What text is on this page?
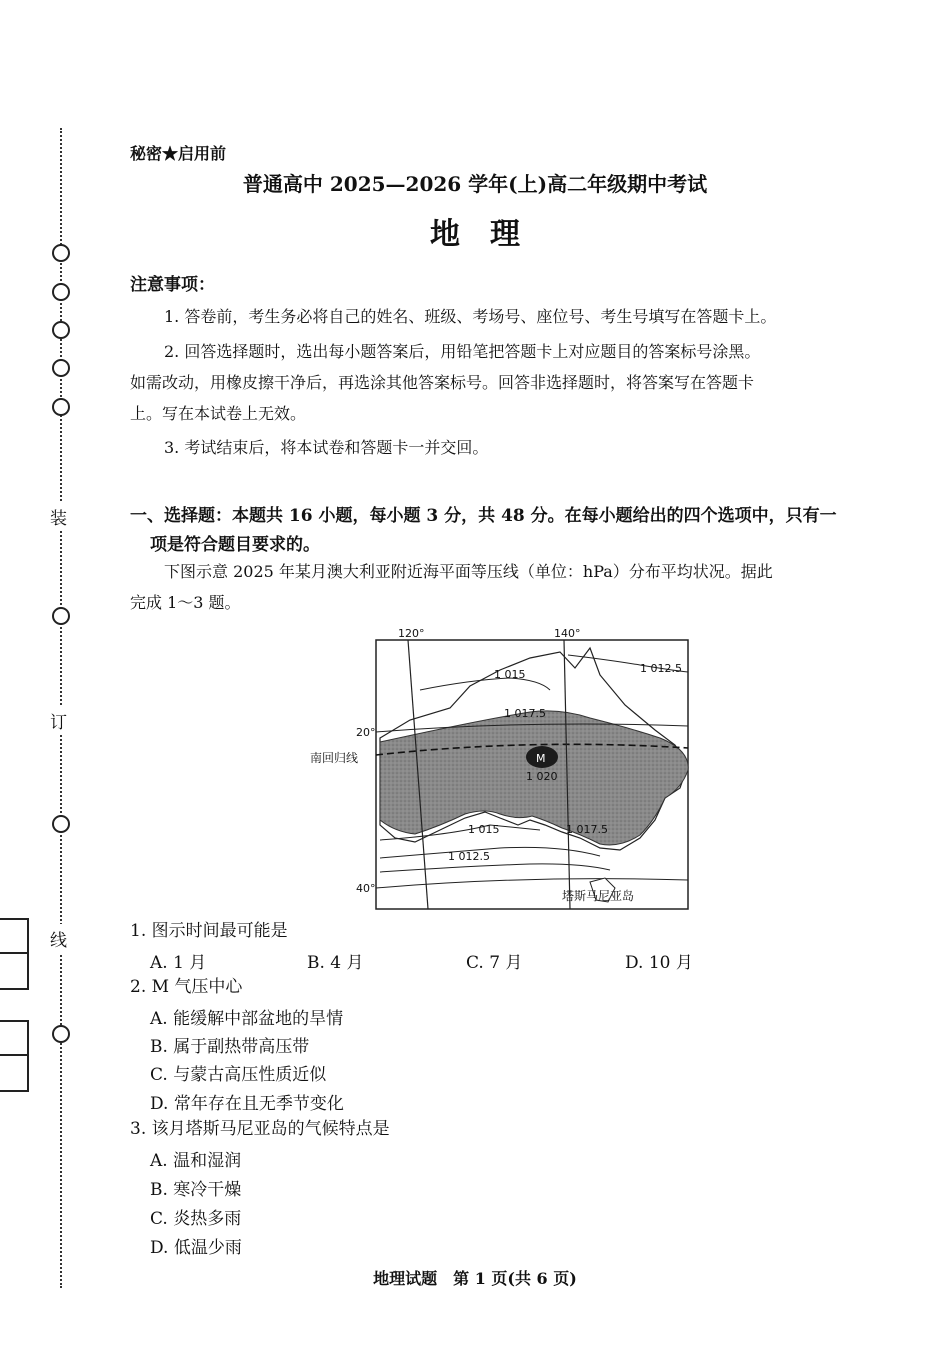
装
订
线
秘密★启用前
普通高中 2025—2026 学年(上)高二年级期中考试
地　理
注意事项：
1. 答卷前，考生务必将自己的姓名、班级、考场号、座位号、考生号填写在答题卡上。
2. 回答选择题时，选出每小题答案后，用铅笔把答题卡上对应题目的答案标号涂黑。
如需改动，用橡皮擦干净后，再选涂其他答案标号。回答非选择题时，将答案写在答题卡
上。写在本试卷上无效。
3. 考试结束后，将本试卷和答题卡一并交回。
一、选择题：本题共 16 小题，每小题 3 分，共 48 分。在每小题给出的四个选项中，只有一
项是符合题目要求的。
下图示意 2025 年某月澳大利亚附近海平面等压线（单位：hPa）分布平均状况。据此
完成 1～3 题。
M
120°	140°
20°
40°
南回归线
1 015	1 012.5
1 017.5
1 020
1 015	1 017.5
1 012.5
塔斯马尼亚岛
1. 图示时间最可能是
A. 1 月	B. 4 月	C. 7 月	D. 10 月
2. M 气压中心
A. 能缓解中部盆地的旱情
B. 属于副热带高压带
C. 与蒙古高压性质近似
D. 常年存在且无季节变化
3. 该月塔斯马尼亚岛的气候特点是
A. 温和湿润
B. 寒冷干燥
C. 炎热多雨
D. 低温少雨
地理试题　第 1 页(共 6 页)
